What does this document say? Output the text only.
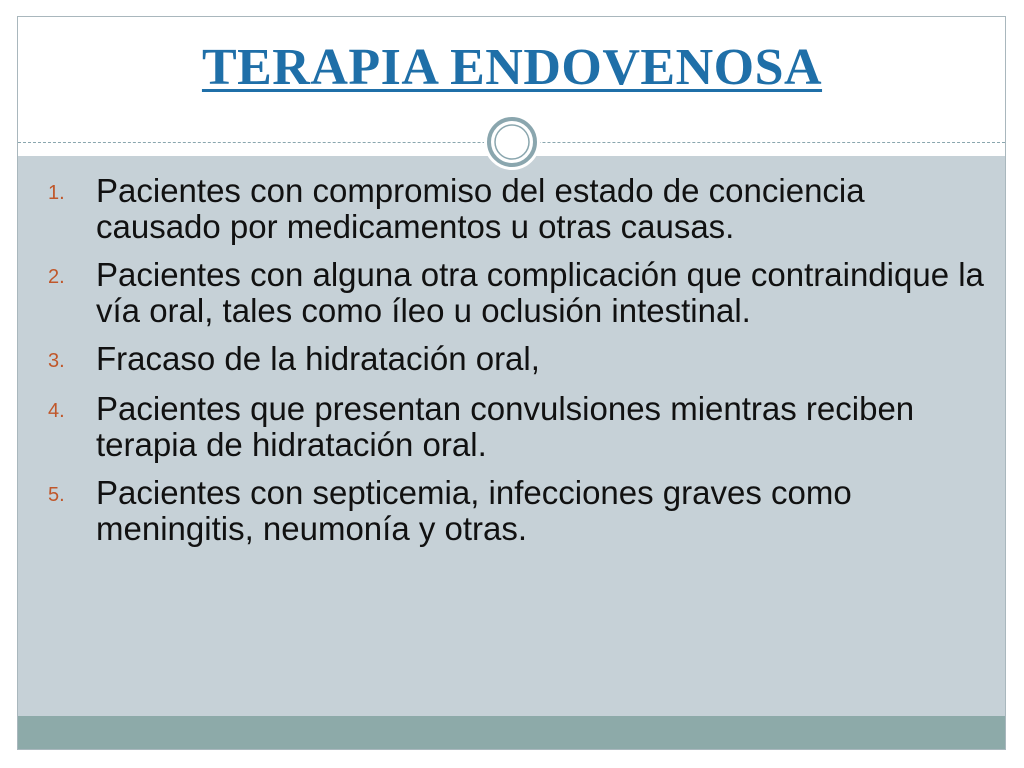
TERAPIA ENDOVENOSA
1. Pacientes con compromiso del estado de conciencia causado por medicamentos u otras causas.
2. Pacientes con alguna otra complicación que contraindique la vía oral, tales como íleo u oclusión intestinal.
3. Fracaso de la hidratación oral,
4. Pacientes que presentan convulsiones mientras reciben terapia de hidratación oral.
5. Pacientes con septicemia, infecciones graves como meningitis, neumonía y otras.
